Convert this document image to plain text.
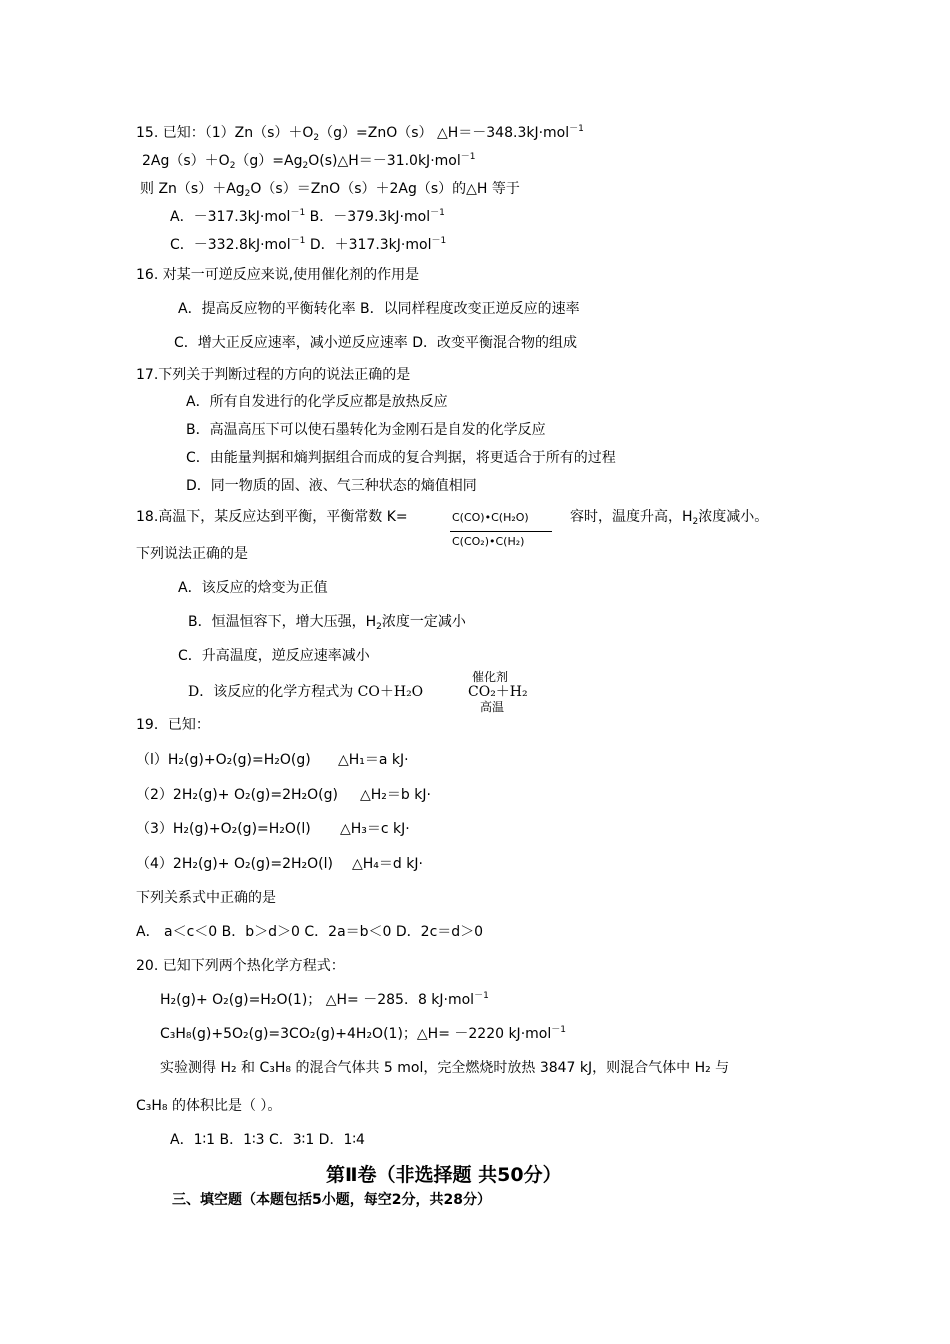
15. 已知：$(1)Zn(s)+O_2(g)=ZnO(s)$ △H＝－348.3kJ·mol$^{-1}$
$2Ag(s)+O_2(g)=Ag_2O(s)\triangle H=-31.0kJ\cdot mol^{-1}$
则 $Zn(s)+Ag_2O(s)=ZnO(s)+2Ag(s)$的△H 等于
A．－317.3kJ·mol$^{-1}$ B．－379.3kJ·mol$^{-1}$
C．－332.8kJ·mol$^{-1}$ D．＋317.3kJ·mol$^{-1}$
16. 对某一可逆反应来说,使用催化剂的作用是
A．提高反应物的平衡转化率 B．以同样程度改变正逆反应的速率
C．增大正反应速率，减小逆反应速率 D．改变平衡混合物的组成
17.下列关于判断过程的方向的说法正确的是
A．所有自发进行的化学反应都是放热反应
B．高温高压下可以使石墨转化为金刚石是自发的化学反应
C．由能量判据和熵判据组合而成的复合判据，将更适合于所有的过程
D．同一物质的固、液、气三种状态的熵值相同
18.高温下，某反应达到平衡，平衡常数 K=	C(CO)•C(H₂O)
C(CO₂)•C(H₂)
容时，温度升高，$H_2$浓度减小。
下列说法正确的是
A．该反应的焓变为正值
B．恒温恒容下，增大压强，$H_2$浓度一定减小
C．升高温度，逆反应速率减小
催化剂
D．该反应的化学方程式为 CO＋H₂O	CO₂＋H₂
高温
19．已知：
（l）H₂(g)+O₂(g)=H₂O(g) △H₁＝a kJ·
（2）2H₂(g)+ O₂(g)=2H₂O(g) △H₂＝b kJ·
（3）H₂(g)+O₂(g)=H₂O(l) △H₃＝c kJ·
（4）2H₂(g)+ O₂(g)=2H₂O(l) △H₄＝d kJ·
下列关系式中正确的是
A． a＜c＜0 B．b＞d＞0 C．2a＝b＜0 D．2c＝d＞0
20. 已知下列两个热化学方程式：
H₂(g)+ O₂(g)=H₂O(1)； △H= －285．8 kJ·mol$^{-1}$
C₃H₈(g)+5O₂(g)=3CO₂(g)+4H₂O(1)；△H= －2220 kJ·mol$^{-1}$
实验测得 H₂ 和 C₃H₈ 的混合气体共 5 mol，完全燃烧时放热 3847 kJ，则混合气体中 H₂ 与
C₃H₈ 的体积比是（ ）。
A．1∶1 B．1∶3 C．3∶1 D．1∶4
第Ⅱ卷（非选择题 共50分）
三、填空题（本题包括5小题，每空2分，共28分）
